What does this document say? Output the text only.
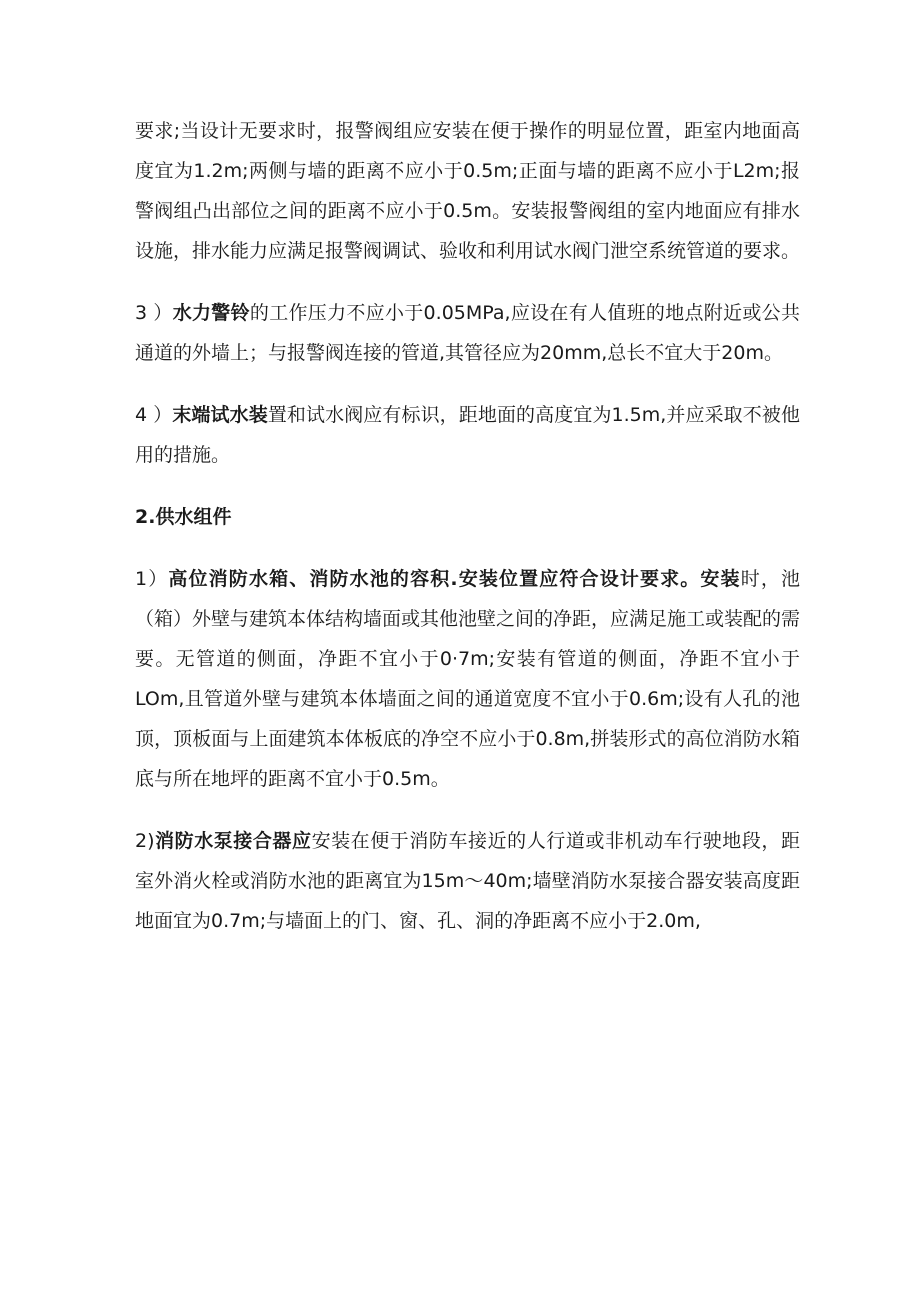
要求;当设计无要求时，报警阀组应安装在便于操作的明显位置，距室内地面高度宜为1.2m;两侧与墙的距离不应小于0.5m;正面与墙的距离不应小于L2m;报警阀组凸出部位之间的距离不应小于0.5m。安装报警阀组的室内地面应有排水设施，排水能力应满足报警阀调试、验收和利用试水阀门泄空系统管道的要求。

3 ）水力警铃的工作压力不应小于0.05MPa,应设在有人值班的地点附近或公共通道的外墙上；与报警阀连接的管道,其管径应为20mm,总长不宜大于20m。

4 ）末端试水装置和试水阀应有标识，距地面的高度宜为1.5m,并应采取不被他用的措施。

2.供水组件

1）高位消防水箱、消防水池的容积.安装位置应符合设计要求。安装时，池（箱）外壁与建筑本体结构墙面或其他池壁之间的净距，应满足施工或装配的需要。无管道的侧面，净距不宜小于0·7m;安装有管道的侧面，净距不宜小于LOm,且管道外壁与建筑本体墙面之间的通道宽度不宜小于0.6m;设有人孔的池顶，顶板面与上面建筑本体板底的净空不应小于0.8m,拼装形式的高位消防水箱底与所在地坪的距离不宜小于0.5m。

2)消防水泵接合器应安装在便于消防车接近的人行道或非机动车行驶地段，距室外消火栓或消防水池的距离宜为15m～40m;墙壁消防水泵接合器安装高度距地面宜为0.7m;与墙面上的门、窗、孔、洞的净距离不应小于2.0m,
